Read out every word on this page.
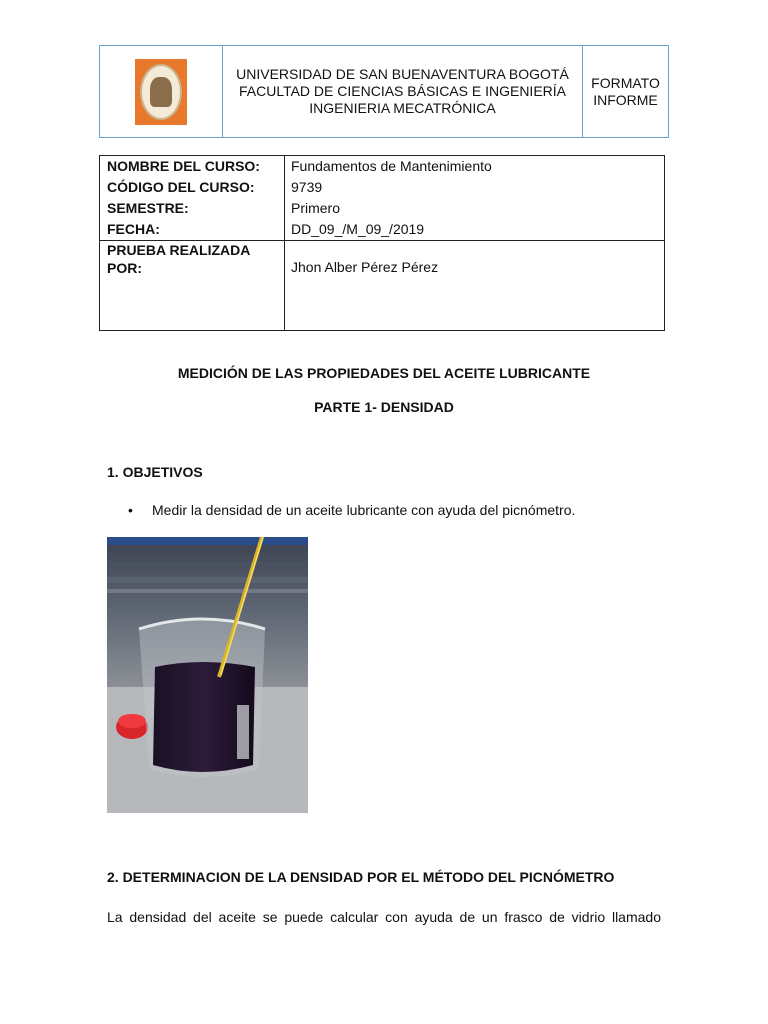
UNIVERSIDAD DE SAN BUENAVENTURA BOGOTÁ
FACULTAD DE CIENCIAS BÁSICAS E INGENIERÍA
INGENIERIA MECATRÓNICA
FORMATO
INFORME
NOMBRE DEL CURSO:
CÓDIGO DEL CURSO:
SEMESTRE:
FECHA:
Fundamentos de Mantenimiento
9739
Primero
DD_09_/M_09_/2019
PRUEBA REALIZADA
POR:	Jhon Alber Pérez Pérez
MEDICIÓN DE LAS PROPIEDADES DEL ACEITE LUBRICANTE
PARTE 1- DENSIDAD
1. OBJETIVOS
•	Medir la densidad de un aceite lubricante con ayuda del picnómetro.
2. DETERMINACION DE LA DENSIDAD POR EL MÉTODO DEL PICNÓMETRO
La densidad del aceite se puede calcular con ayuda de un frasco de vidrio llamado
